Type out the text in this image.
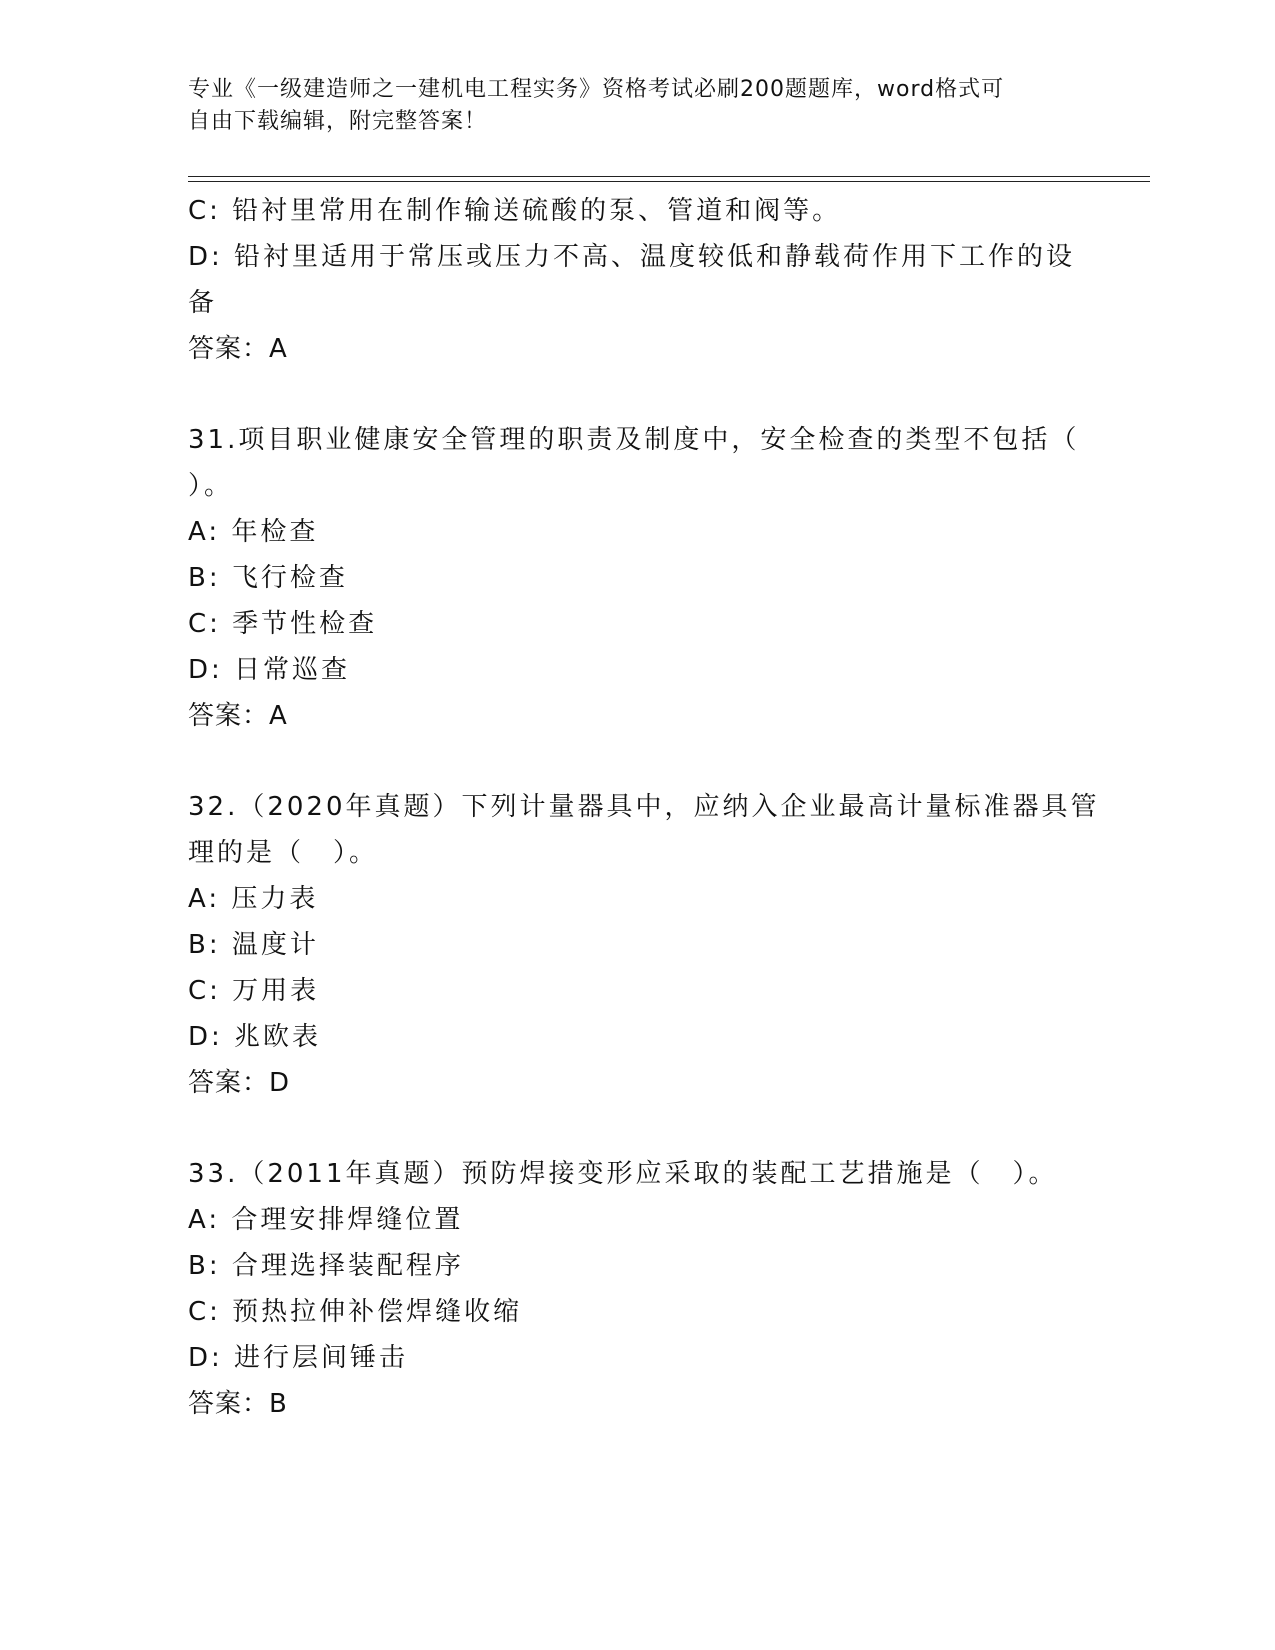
专业《一级建造师之一建机电工程实务》资格考试必刷200题题库，word格式可
自由下载编辑，附完整答案！
C: 铅衬里常用在制作输送硫酸的泵、管道和阀等。
D: 铅衬里适用于常压或压力不高、温度较低和静载荷作用下工作的设
备
答案：A
31.项目职业健康安全管理的职责及制度中，安全检查的类型不包括（
）。
A: 年检查
B: 飞行检查
C: 季节性检查
D: 日常巡查
答案：A
32.（2020年真题）下列计量器具中，应纳入企业最高计量标准器具管
理的是（　）。
A: 压力表
B: 温度计
C: 万用表
D: 兆欧表
答案：D
33.（2011年真题）预防焊接变形应采取的装配工艺措施是（　）。
A: 合理安排焊缝位置
B: 合理选择装配程序
C: 预热拉伸补偿焊缝收缩
D: 进行层间锤击
答案：B
